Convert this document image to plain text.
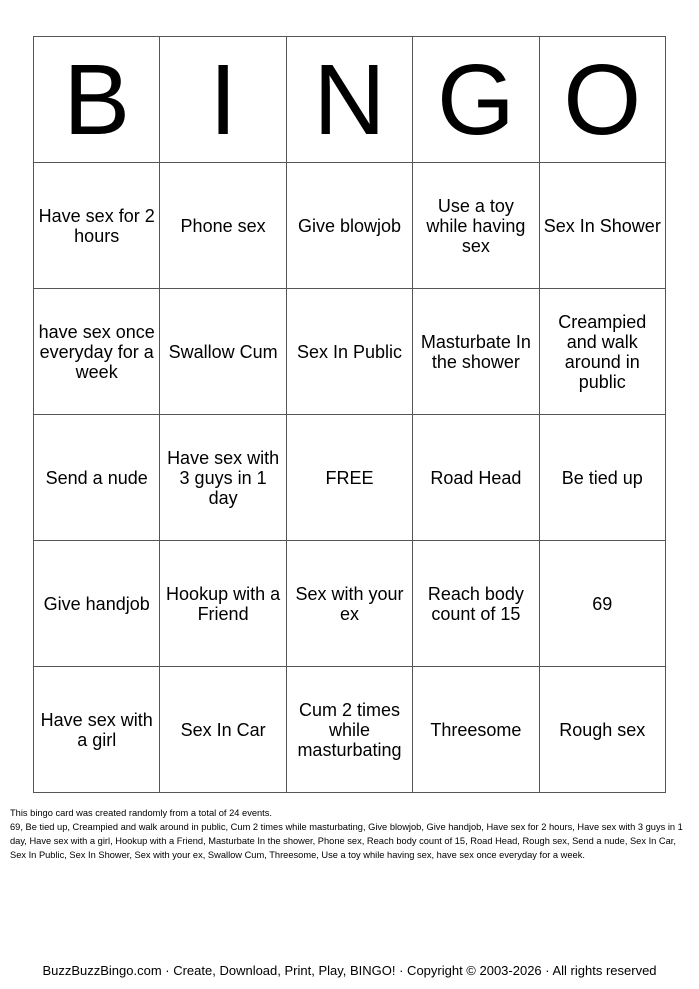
B	I	N	G	O
Have sex for 2 hours	Phone sex	Give blowjob	Use a toy while having sex	Sex In Shower
have sex once everyday for a week	Swallow Cum	Sex In Public	Masturbate In the shower	Creampied and walk around in public
Send a nude	Have sex with 3 guys in 1 day	FREE	Road Head	Be tied up
Give handjob	Hookup with a Friend	Sex with your ex	Reach body count of 15	69
Have sex with a girl	Sex In Car	Cum 2 times while masturbating	Threesome	Rough sex

This bingo card was created randomly from a total of 24 events.

69, Be tied up, Creampied and walk around in public, Cum 2 times while masturbating, Give blowjob, Give handjob, Have sex for 2 hours, Have sex with 3 guys in 1 day, Have sex with a girl, Hookup with a Friend, Masturbate In the shower, Phone sex, Reach body count of 15, Road Head, Rough sex, Send a nude, Sex In Car, Sex In Public, Sex In Shower, Sex with your ex, Swallow Cum, Threesome, Use a toy while having sex, have sex once everyday for a week.

BuzzBuzzBingo.com · Create, Download, Print, Play, BINGO! · Copyright © 2003-2026 · All rights reserved
